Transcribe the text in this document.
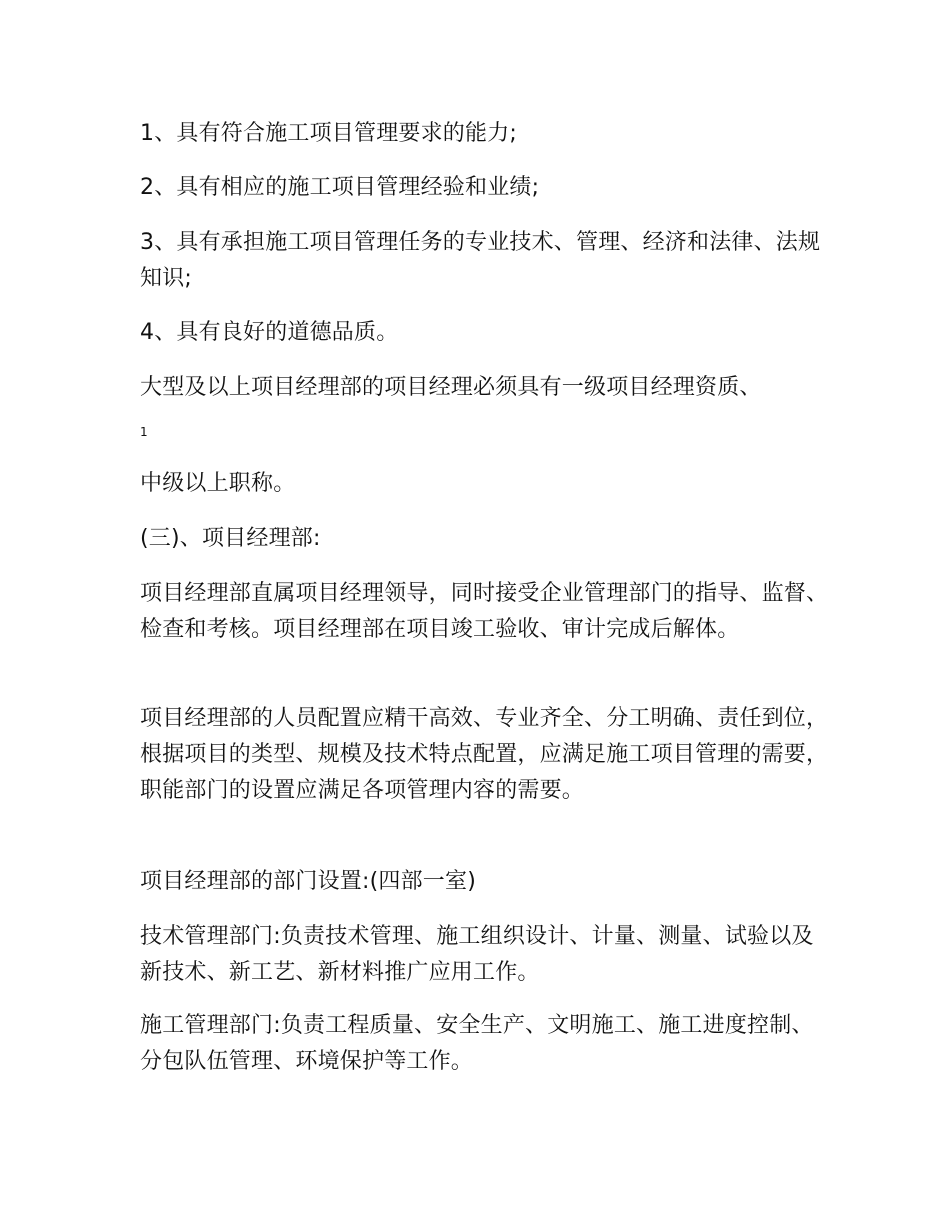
1、具有符合施工项目管理要求的能力;

2、具有相应的施工项目管理经验和业绩;

3、具有承担施工项目管理任务的专业技术、管理、经济和法律、法规知识;

4、具有良好的道德品质。

大型及以上项目经理部的项目经理必须具有一级项目经理资质、

1

中级以上职称。

(三)、项目经理部:

项目经理部直属项目经理领导，同时接受企业管理部门的指导、监督、检查和考核。项目经理部在项目竣工验收、审计完成后解体。

项目经理部的人员配置应精干高效、专业齐全、分工明确、责任到位，根据项目的类型、规模及技术特点配置，应满足施工项目管理的需要，职能部门的设置应满足各项管理内容的需要。

项目经理部的部门设置:(四部一室)

技术管理部门:负责技术管理、施工组织设计、计量、测量、试验以及新技术、新工艺、新材料推广应用工作。

施工管理部门:负责工程质量、安全生产、文明施工、施工进度控制、分包队伍管理、环境保护等工作。
